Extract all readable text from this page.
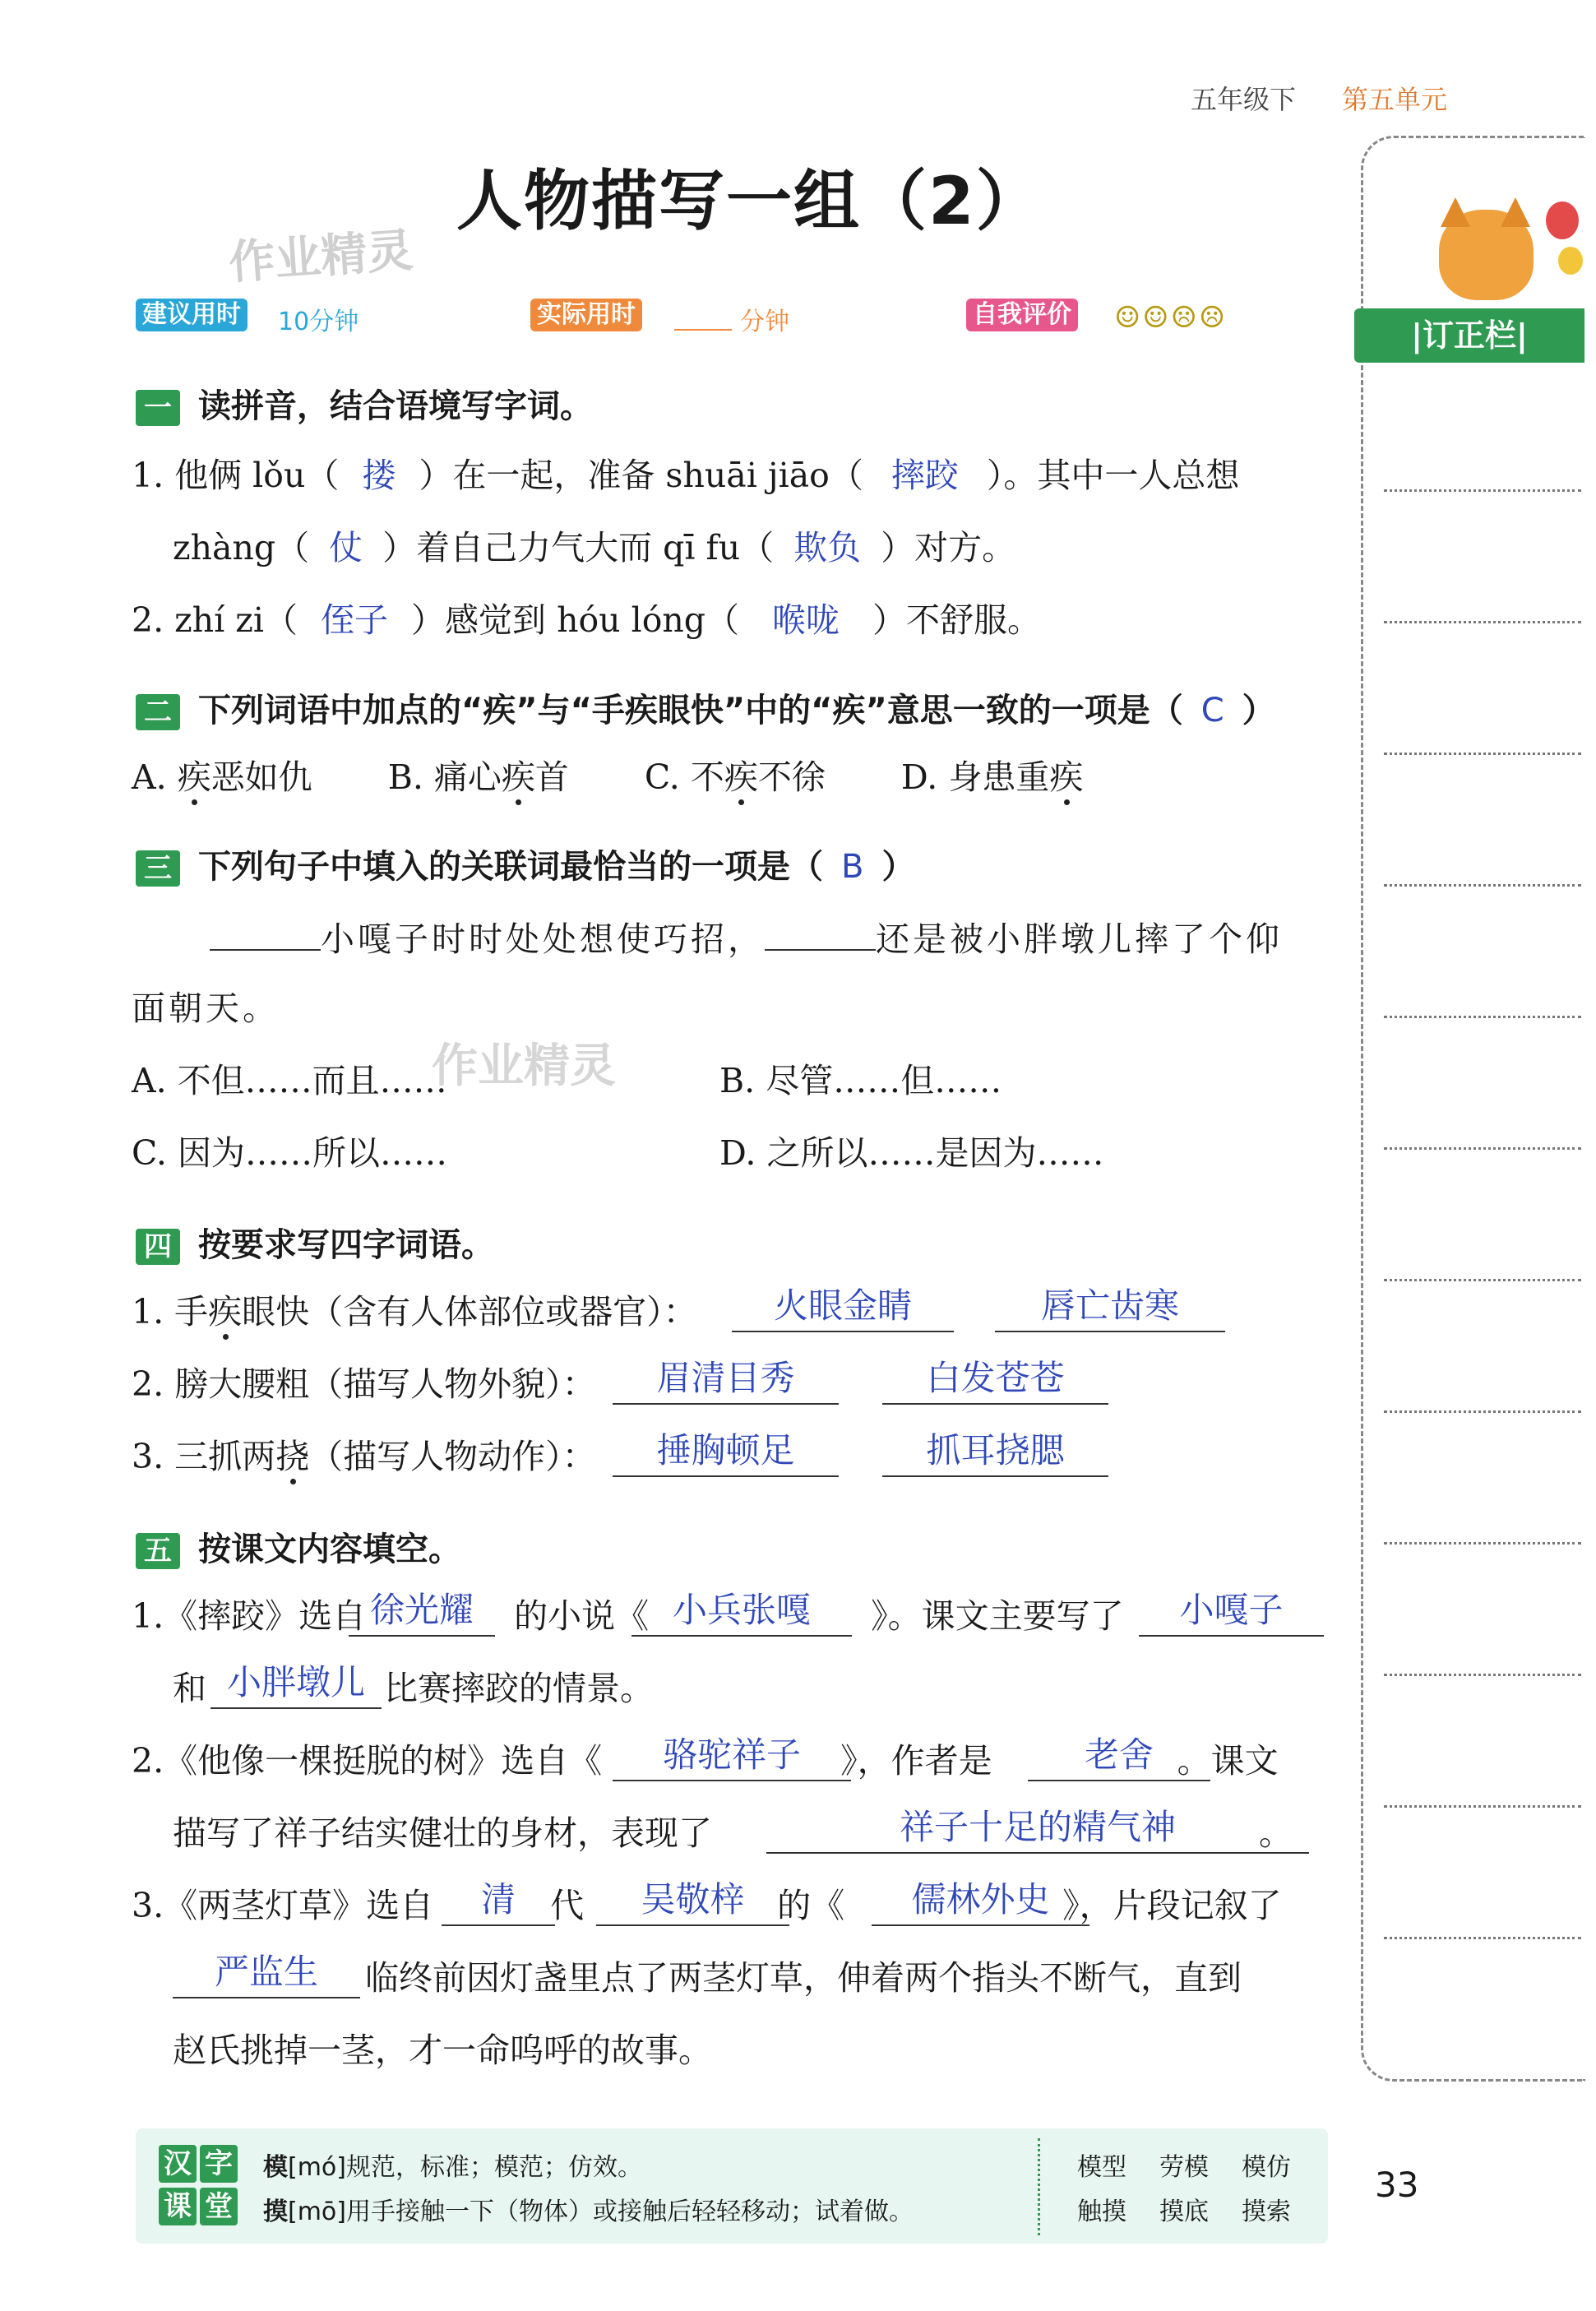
五年级下 第五单元
人物描写一组（2）
作业精灵
建议用时 10分钟	实际用时	分钟	自我评价 ☺☺☹☹	|订正栏|
一 读拼音，结合语境写字词。
1. 他俩 lǒu（ 搂 ）在一起，准备 shuāi jiāo（ 摔跤 ）。其中一人总想
zhàng（ 仗 ）着自己力气大而 qī fu（ 欺负 ）对方。
2. zhí zi（ 侄子 ）感觉到 hóu lóng（ 喉咙 ）不舒服。
二 下列词语中加点的“疾”与“手疾眼快”中的“疾”意思一致的一项是（ C ）
A. 疾恶如仇 B. 痛心疾首 C. 不疾不徐 D. 身患重疾
三 下列句子中填入的关联词最恰当的一项是（ B ）
小嘎子时时处处想使巧招，	还是被小胖墩儿摔了个仰
面朝天。
A. 不但……而且……	B. 尽管……但……
C. 因为……所以……	D. 之所以……是因为……
作业精灵
四 按要求写四字词语。
1. 手疾眼快（含有人体部位或器官）：	火眼金睛	唇亡齿寒
2. 膀大腰粗（描写人物外貌）：	眉清目秀	白发苍苍
3. 三抓两挠（描写人物动作）：	捶胸顿足	抓耳挠腮
五 按课文内容填空。
1.《摔跤》选自	的小说《	》。课文主要写了
徐光耀	小兵张嘎	小嘎子
和	比赛摔跤的情景。
小胖墩儿
2.《他像一棵挺脱的树》选自《	》，作者是	。课文
骆驼祥子	老舍
描写了祥子结实健壮的身材，表现了	。
祥子十足的精气神
3.《两茎灯草》选自	代	的《	》，片段记叙了
清	吴敬梓	儒林外史
严监生	临终前因灯盏里点了两茎灯草，伸着两个指头不断气，直到
赵氏挑掉一茎，才一命呜呼的故事。
汉 字
课 堂
模[mó]规范，标准；模范；仿效。
摸[mō]用手接触一下（物体）或接触后轻轻移动；试着做。
模型 劳模 模仿
触摸 摸底 摸索
33
